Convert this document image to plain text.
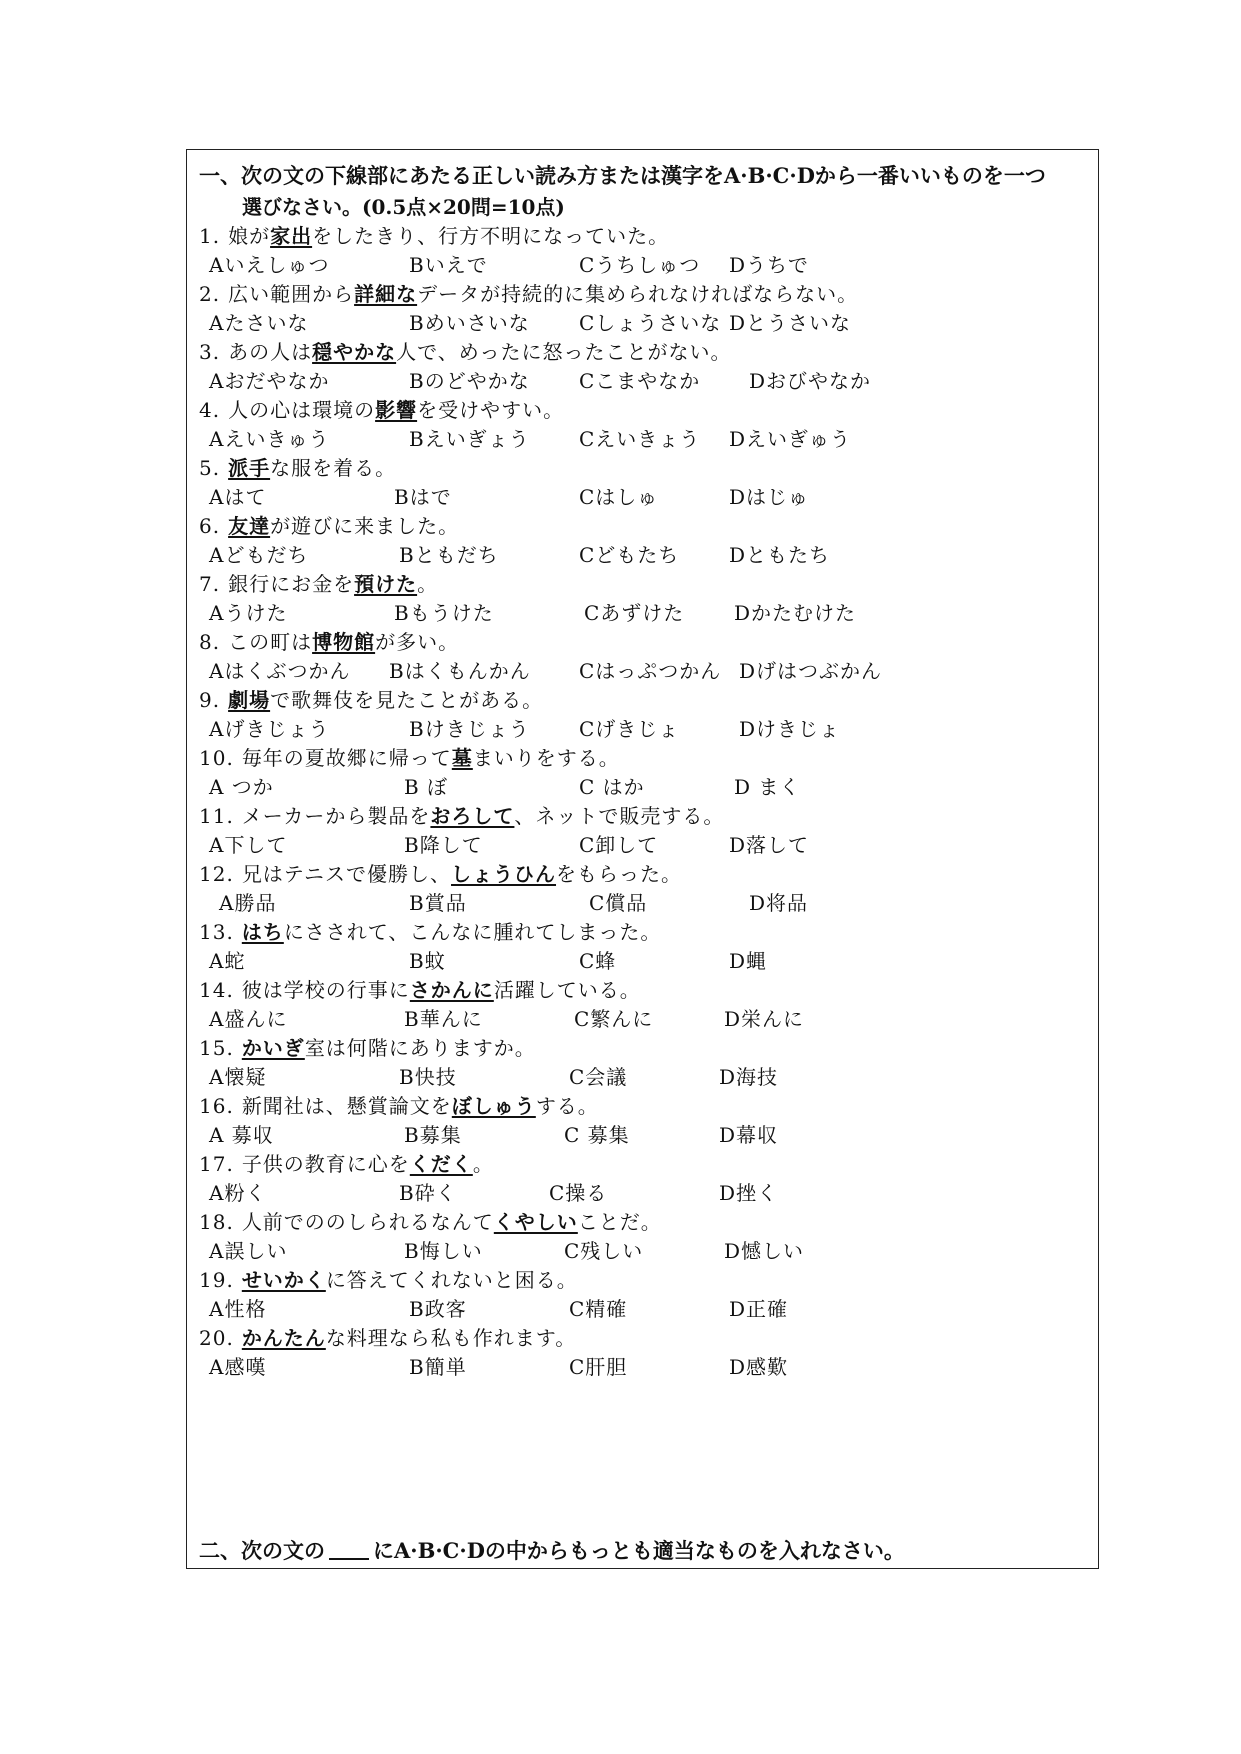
一、次の文の下線部にあたる正しい読み方または漢字をA·B·C·Dから一番いいものを一つ
選びなさい。(0.5点×20問=10点)
1. 娘が家出をしたきり、行方不明になっていた。
Aいえしゅつ	Bいえで	Cうちしゅつ Dうちで
2. 広い範囲から詳細なデータが持続的に集められなければならない。
Aたさいな	Bめいさいな Cしょうさいな Dとうさいな
3. あの人は穏やかな人で、めったに怒ったことがない。
Aおだやなか	Bのどやかな Cこまやなか Dおびやなか
4. 人の心は環境の影響を受けやすい。
Aえいきゅう	Bえいぎょう Cえいきょう Dえいぎゅう
5. 派手な服を着る。
Aはて	Bはで	Cはしゅ	Dはじゅ
6. 友達が遊びに来ました。
Aどもだち	Bともだち	Cどもたち Dともたち
7. 銀行にお金を預けた。
Aうけた	Bもうけた	Cあずけた Dかたむけた
8. この町は博物館が多い。
Aはくぶつかん Bはくもんかん Cはっぷつかん Dげはつぶかん
9. 劇場で歌舞伎を見たことがある。
Aげきじょう	Bけきじょう Cげきじょ	Dけきじょ
10. 毎年の夏故郷に帰って墓まいりをする。
A つか	B ぼ	C はか	D まく
11. メーカーから製品をおろして、ネットで販売する。
A下して	B降して	C卸して	D落して
12. 兄はテニスで優勝し、しょうひんをもらった。
A勝品	B賞品	C償品	D将品
13. はちにさされて、こんなに腫れてしまった。
A蛇	B蚊	C蜂	D蝿
14. 彼は学校の行事にさかんに活躍している。
A盛んに	B華んに	C繁んに	D栄んに
15. かいぎ室は何階にありますか。
A懐疑	B快技	C会議	D海技
16. 新聞社は、懸賞論文をぼしゅうする。
A 募収	B募集	C 募集	D幕収
17. 子供の教育に心をくだく。
A粉く	B砕く	C操る	D挫く
18. 人前でののしられるなんてくやしいことだ。
A誤しい	B悔しい	C残しい	D憾しい
19. せいかくに答えてくれないと困る。
A性格	B政客	C精確	D正確
20. かんたんな料理なら私も作れます。
A感嘆	B簡単	C肝胆	D感歎
二、次の文の にA·B·C·Dの中からもっとも適当なものを入れなさい。
